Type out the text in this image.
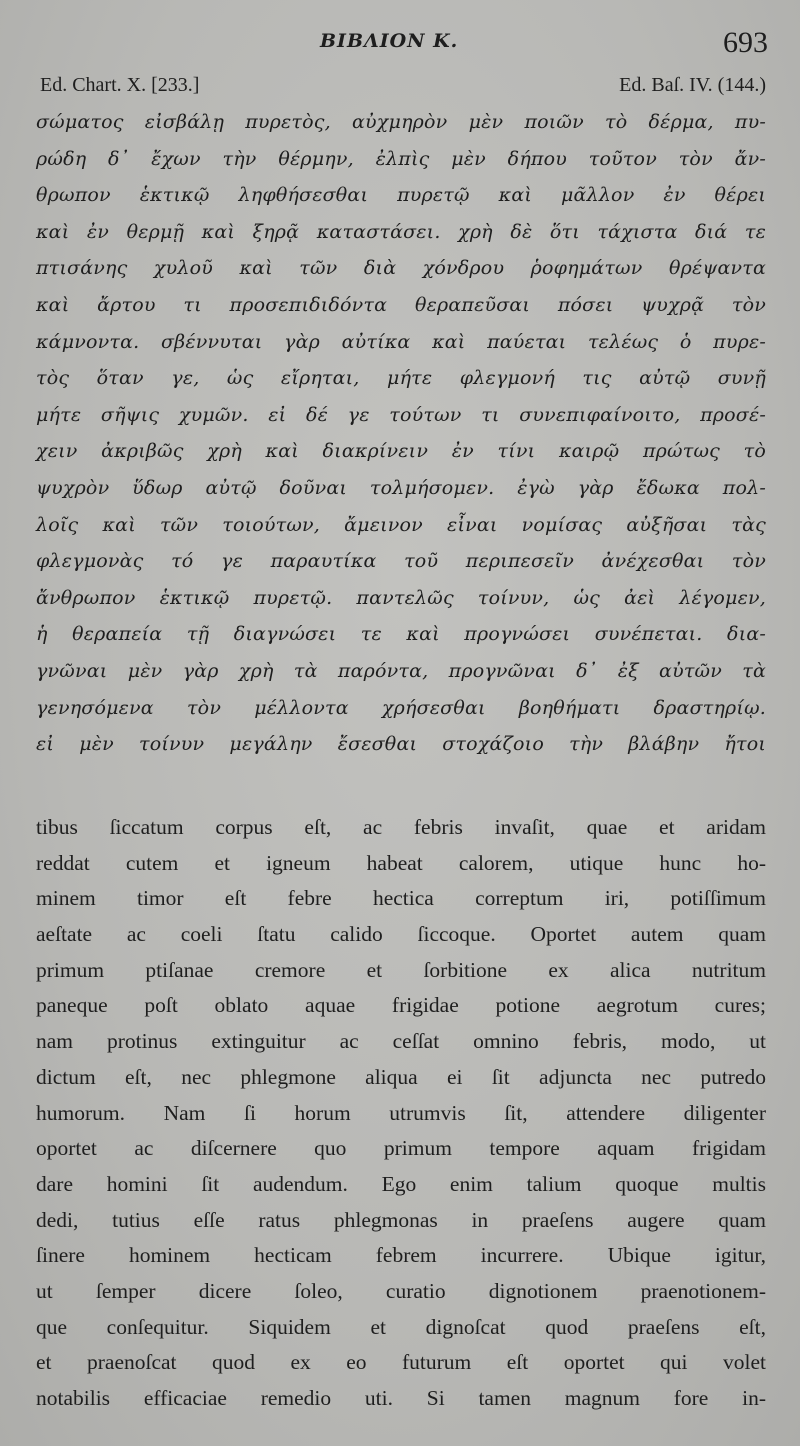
ΒΙΒΛΙΟΝ Κ.	693
Ed. Chart. X. [233.]	Ed. Baſ. IV. (144.)
σώματος εἰσβάλῃ πυρετὸς, αὐχμηρὸν μὲν ποιῶν τὸ δέρμα, πυ-
ρώδη δ᾽ ἔχων τὴν θέρμην, ἐλπὶς μὲν δήπου τοῦτον τὸν ἄν-
θρωπον ἑκτικῷ ληφθήσεσθαι πυρετῷ καὶ μᾶλλον ἐν θέρει
καὶ ἐν θερμῇ καὶ ξηρᾷ καταστάσει. χρὴ δὲ ὅτι τάχιστα διά τε
πτισάνης χυλοῦ καὶ τῶν διὰ χόνδρου ῥοφημάτων θρέψαντα
καὶ ἄρτου τι προσεπιδιδόντα θεραπεῦσαι πόσει ψυχρᾷ τὸν
κάμνοντα. σβέννυται γὰρ αὐτίκα καὶ παύεται τελέως ὁ πυρε-
τὸς ὅταν γε, ὡς εἴρηται, μήτε φλεγμονή τις αὐτῷ συνῇ
μήτε σῆψις χυμῶν. εἰ δέ γε τούτων τι συνεπιφαίνοιτο, προσέ-
χειν ἀκριβῶς χρὴ καὶ διακρίνειν ἐν τίνι καιρῷ πρώτως τὸ
ψυχρὸν ὕδωρ αὐτῷ δοῦναι τολμήσομεν. ἐγὼ γὰρ ἔδωκα πολ-
λοῖς καὶ τῶν τοιούτων, ἄμεινον εἶναι νομίσας αὐξῆσαι τὰς
φλεγμονὰς τό γε παραυτίκα τοῦ περιπεσεῖν ἀνέχεσθαι τὸν
ἄνθρωπον ἑκτικῷ πυρετῷ. παντελῶς τοίνυν, ὡς ἀεὶ λέγομεν,
ἡ θεραπεία τῇ διαγνώσει τε καὶ προγνώσει συνέπεται. δια-
γνῶναι μὲν γὰρ χρὴ τὰ παρόντα, προγνῶναι δ᾽ ἐξ αὐτῶν τὰ
γενησόμενα τὸν μέλλοντα χρήσεσθαι βοηθήματι δραστηρίῳ.
εἰ μὲν τοίνυν μεγάλην ἔσεσθαι στοχάζοιο τὴν βλάβην ἤτοι
tibus ſiccatum corpus eſt, ac febris invaſit, quae et aridam
reddat cutem et igneum habeat calorem, utique hunc ho-
minem timor eſt febre hectica correptum iri, potiſſimum
aeſtate ac coeli ſtatu calido ſiccoque. Oportet autem quam
primum ptiſanae cremore et ſorbitione ex alica nutritum
paneque poſt oblato aquae frigidae potione aegrotum cures;
nam protinus extinguitur ac ceſſat omnino febris, modo, ut
dictum eſt, nec phlegmone aliqua ei ſit adjuncta nec putredo
humorum. Nam ſi horum utrumvis ſit, attendere diligenter
oportet ac diſcernere quo primum tempore aquam frigidam
dare homini ſit audendum. Ego enim talium quoque multis
dedi, tutius eſſe ratus phlegmonas in praeſens augere quam
ſinere hominem hecticam febrem incurrere. Ubique igitur,
ut ſemper dicere ſoleo, curatio dignotionem praenotionem-
que conſequitur. Siquidem et dignoſcat quod praeſens eſt,
et praenoſcat quod ex eo futurum eſt oportet qui volet
notabilis efficaciae remedio uti. Si tamen magnum fore in-
